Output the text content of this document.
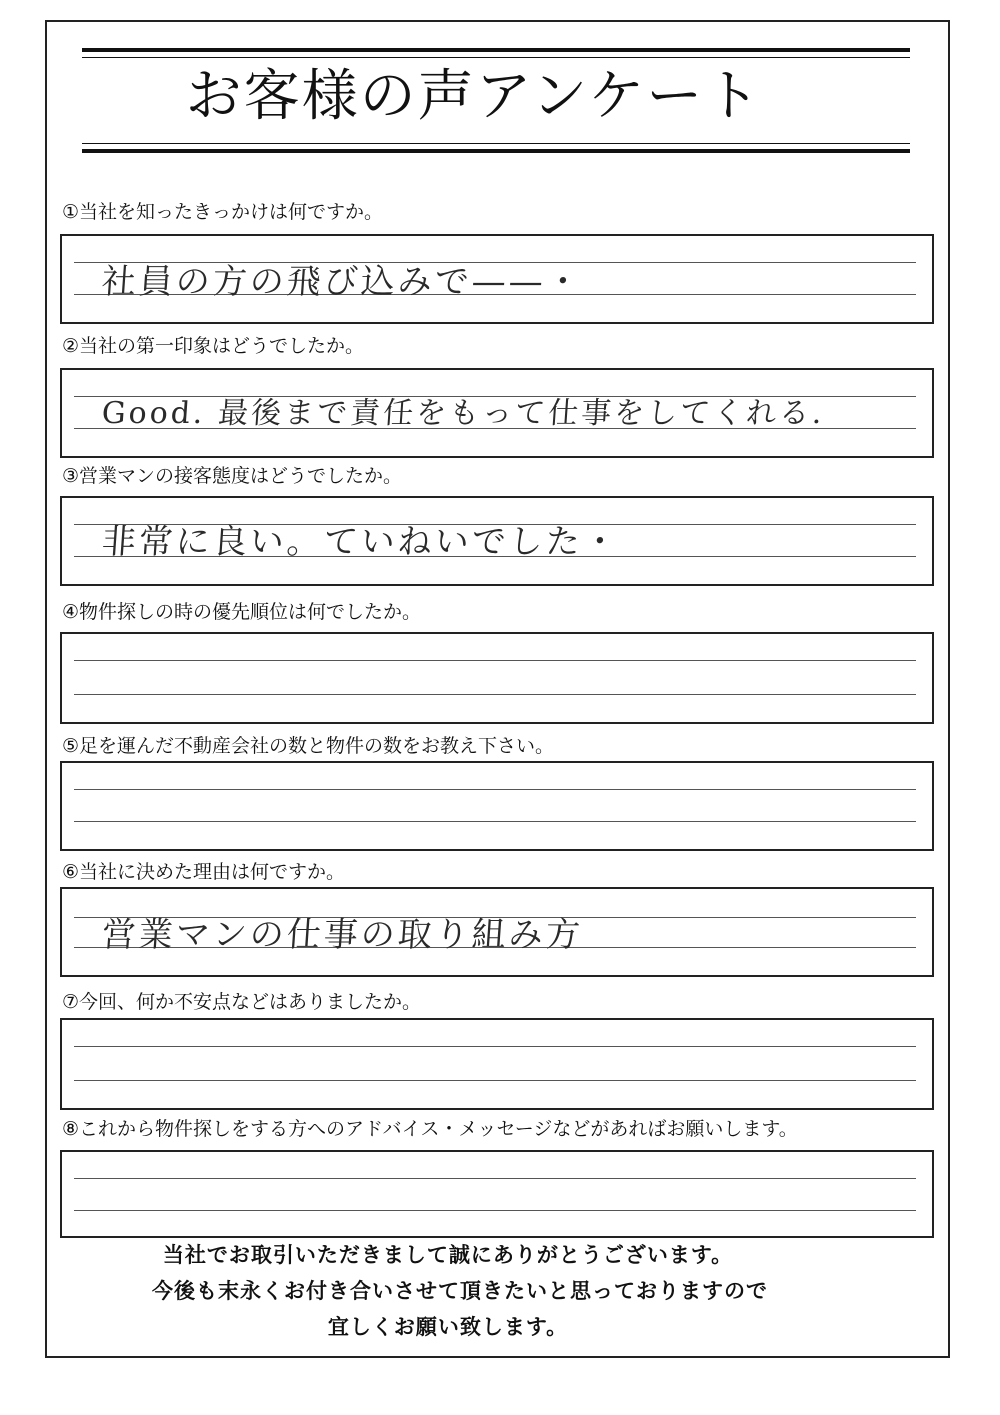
お客様の声アンケート
①当社を知ったきっかけは何ですか。
社員の方の飛び込みで——・
②当社の第一印象はどうでしたか。
Good. 最後まで責任をもって仕事をしてくれる.
③営業マンの接客態度はどうでしたか。
非常に良い。ていねいでした・
④物件探しの時の優先順位は何でしたか。
⑤足を運んだ不動産会社の数と物件の数をお教え下さい。
⑥当社に決めた理由は何ですか。
営業マンの仕事の取り組み方
⑦今回、何か不安点などはありましたか。
⑧これから物件探しをする方へのアドバイス・メッセージなどがあればお願いします。
当社でお取引いただきまして誠にありがとうございます。
今後も末永くお付き合いさせて頂きたいと思っておりますので
宜しくお願い致します。
